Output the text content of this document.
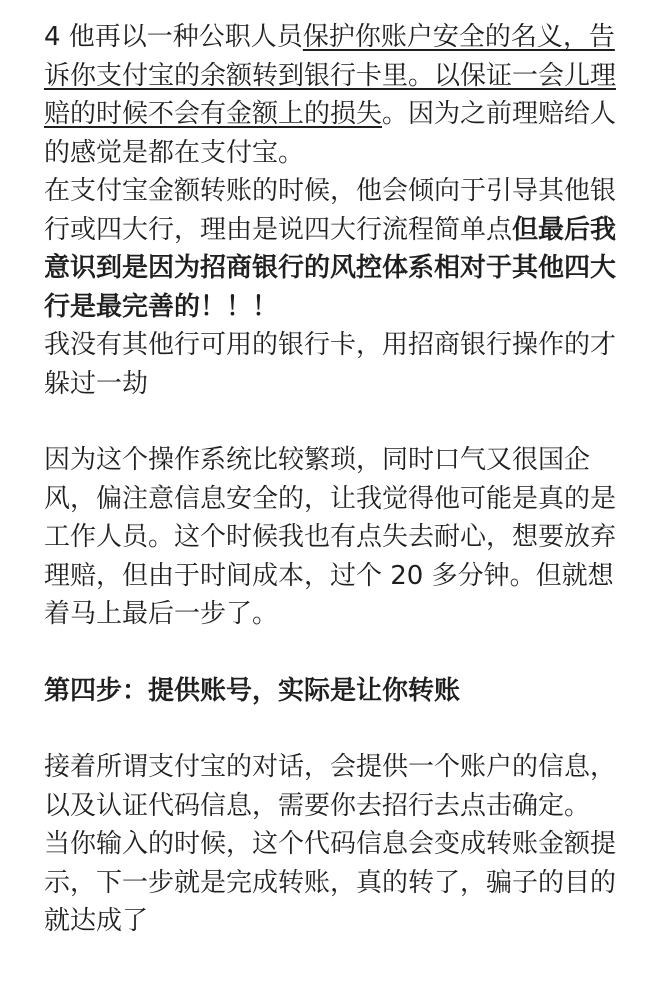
4 他再以一种公职人员保护你账户安全的名义，告诉你支付宝的余额转到银行卡里。以保证一会儿理赔的时候不会有金额上的损失。因为之前理赔给人的感觉是都在支付宝。

在支付宝金额转账的时候，他会倾向于引导其他银行或四大行，理由是说四大行流程简单点但最后我意识到是因为招商银行的风控体系相对于其他四大行是最完善的！！！

我没有其他行可用的银行卡，用招商银行操作的才躲过一劫

因为这个操作系统比较繁琐，同时口气又很国企风，偏注意信息安全的，让我觉得他可能是真的是工作人员。这个时候我也有点失去耐心，想要放弃理赔，但由于时间成本，过个 20 多分钟。但就想着马上最后一步了。

第四步：提供账号，实际是让你转账

接着所谓支付宝的对话，会提供一个账户的信息，以及认证代码信息，需要你去招行去点击确定。

当你输入的时候，这个代码信息会变成转账金额提示，下一步就是完成转账，真的转了，骗子的目的就达成了
